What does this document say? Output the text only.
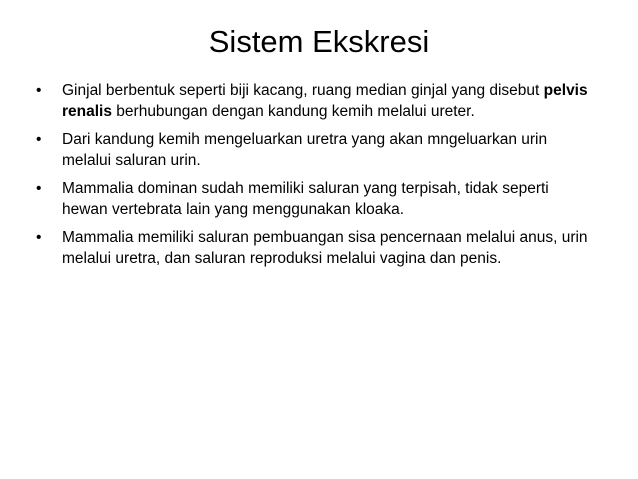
Sistem Ekskresi
•	Ginjal berbentuk seperti biji kacang, ruang median ginjal yang disebut pelvis renalis berhubungan dengan kandung kemih melalui ureter.
•	Dari kandung kemih mengeluarkan uretra yang akan mngeluarkan urin melalui saluran urin.
•	Mammalia dominan sudah memiliki saluran yang terpisah, tidak seperti hewan vertebrata lain yang menggunakan kloaka.
•	Mammalia memiliki saluran pembuangan sisa pencernaan melalui anus, urin melalui uretra, dan saluran reproduksi melalui vagina dan penis.
